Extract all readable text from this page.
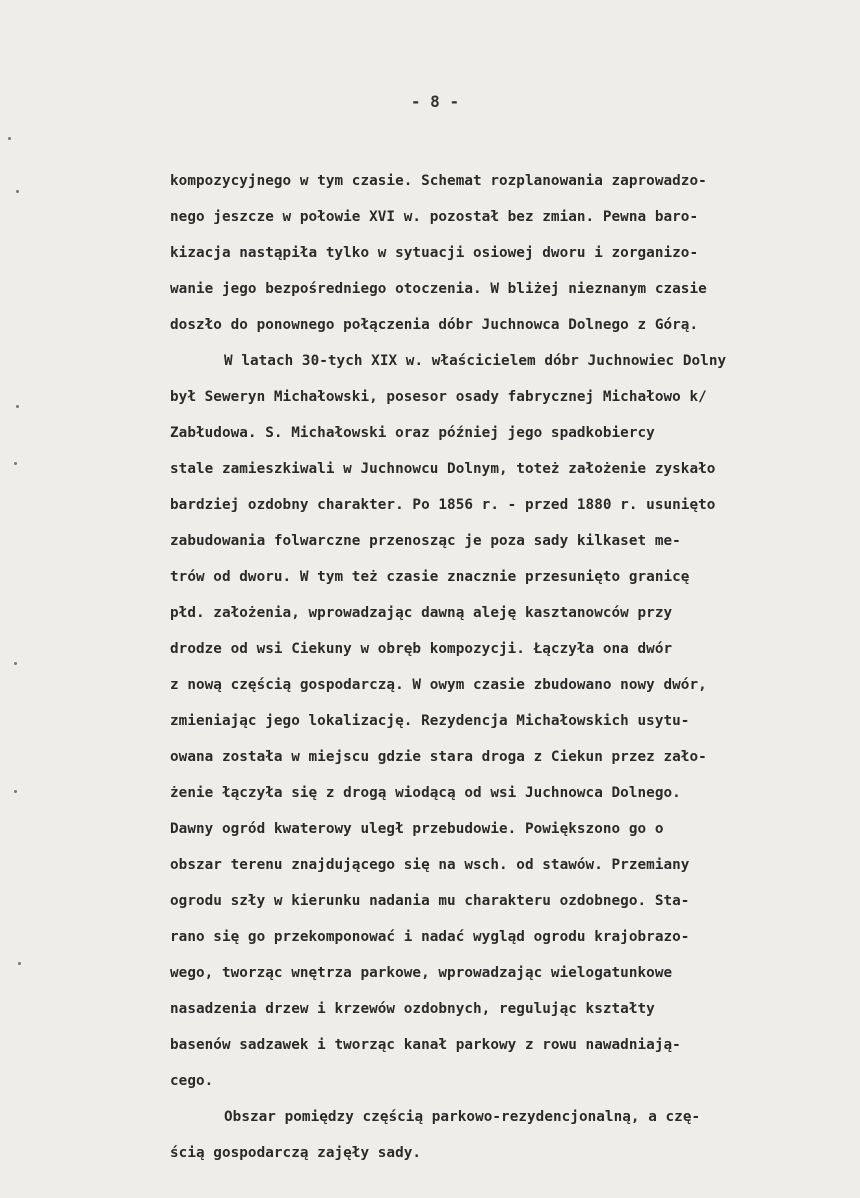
- 8 -
kompozycyjnego w tym czasie. Schemat rozplanowania zaprowadzo-
nego jeszcze w połowie XVI w. pozostał bez zmian. Pewna baro-
kizacja nastąpiła tylko w sytuacji osiowej dworu i zorganizo-
wanie jego bezpośredniego otoczenia. W bliżej nieznanym czasie
doszło do ponownego połączenia dóbr Juchnowca Dolnego z Górą.
W latach 30-tych XIX w. właścicielem dóbr Juchnowiec Dolny
był Seweryn Michałowski, posesor osady fabrycznej Michałowo k/
Zabłudowa. S. Michałowski oraz później jego spadkobiercy
stale zamieszkiwali w Juchnowcu Dolnym, toteż założenie zyskało
bardziej ozdobny charakter. Po 1856 r. - przed 1880 r. usunięto
zabudowania folwarczne przenosząc je poza sady kilkaset me-
trów od dworu. W tym też czasie znacznie przesunięto granicę
płd. założenia, wprowadzając dawną aleję kasztanowców przy
drodze od wsi Ciekuny w obręb kompozycji. Łączyła ona dwór
z nową częścią gospodarczą. W owym czasie zbudowano nowy dwór,
zmieniając jego lokalizację. Rezydencja Michałowskich usytu-
owana została w miejscu gdzie stara droga z Ciekun przez zało-
żenie łączyła się z drogą wiodącą od wsi Juchnowca Dolnego.
Dawny ogród kwaterowy uległ przebudowie. Powiększono go o
obszar terenu znajdującego się na wsch. od stawów. Przemiany
ogrodu szły w kierunku nadania mu charakteru ozdobnego. Sta-
rano się go przekomponować i nadać wygląd ogrodu krajobrazo-
wego, tworząc wnętrza parkowe, wprowadzając wielogatunkowe
nasadzenia drzew i krzewów ozdobnych, regulując kształty
basenów sadzawek i tworząc kanał parkowy z rowu nawadniają-
cego.
Obszar pomiędzy częścią parkowo-rezydencjonalną, a czę-
ścią gospodarczą zajęły sady.
